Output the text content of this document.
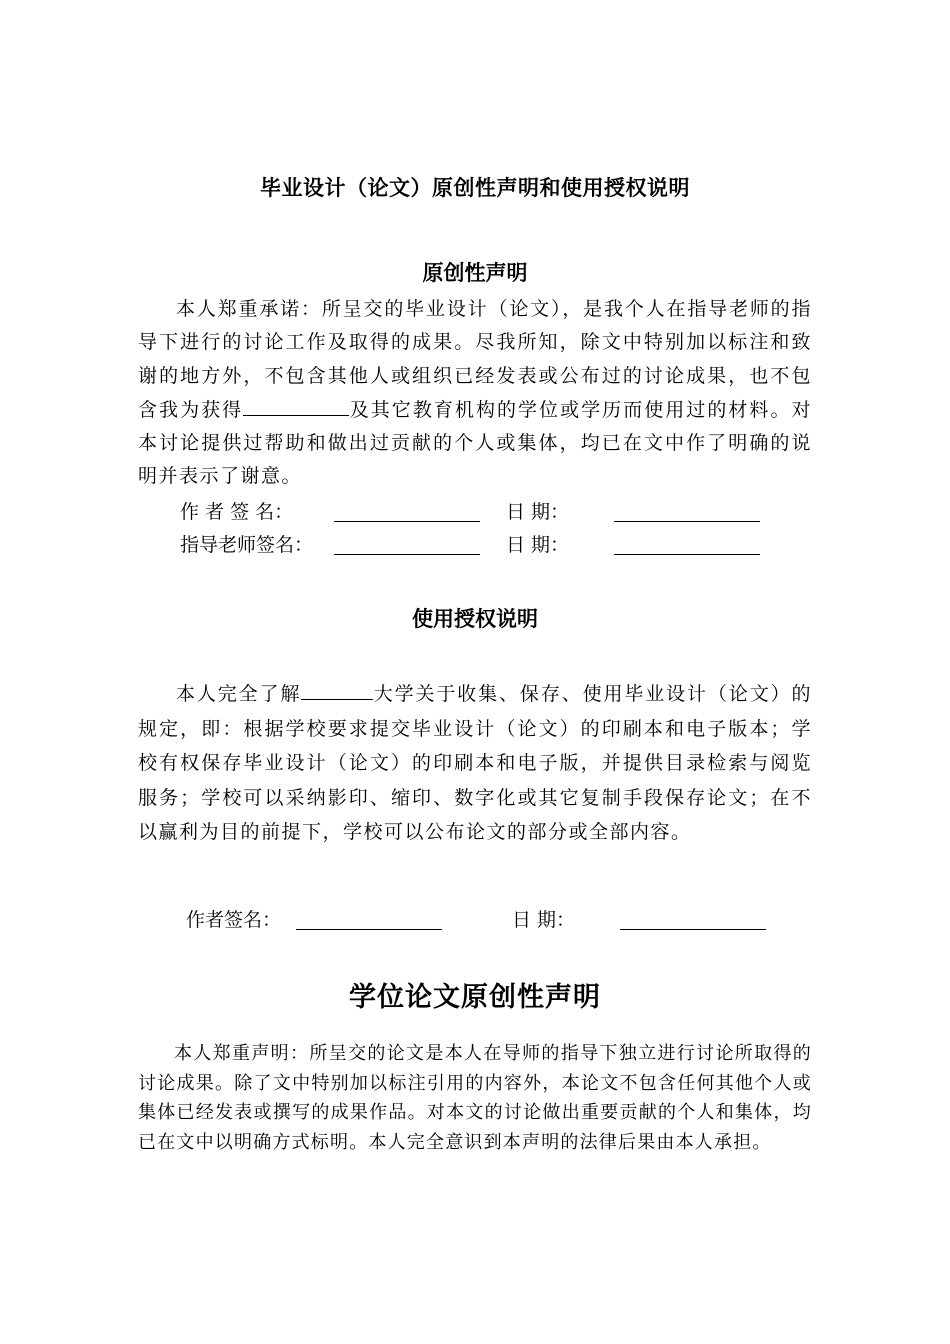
毕业设计（论文）原创性声明和使用授权说明
原创性声明
本人郑重承诺：所呈交的毕业设计（论文），是我个人在指导老师的指导下进行的讨论工作及取得的成果。尽我所知，除文中特别加以标注和致谢的地方外，不包含其他人或组织已经发表或公布过的讨论成果，也不包含我为获得	及其它教育机构的学位或学历而使用过的材料。对本讨论提供过帮助和做出过贡献的个人或集体，均已在文中作了明确的说明并表示了谢意。
作 者 签 名：	日 期：
指导老师签名：	日 期：
使用授权说明
本人完全了解	大学关于收集、保存、使用毕业设计（论文）的规定，即：根据学校要求提交毕业设计（论文）的印刷本和电子版本；学校有权保存毕业设计（论文）的印刷本和电子版，并提供目录检索与阅览服务；学校可以采纳影印、缩印、数字化或其它复制手段保存论文；在不以赢利为目的前提下，学校可以公布论文的部分或全部内容。
作者签名：	日 期：
学位论文原创性声明
本人郑重声明：所呈交的论文是本人在导师的指导下独立进行讨论所取得的讨论成果。除了文中特别加以标注引用的内容外，本论文不包含任何其他个人或集体已经发表或撰写的成果作品。对本文的讨论做出重要贡献的个人和集体，均已在文中以明确方式标明。本人完全意识到本声明的法律后果由本人承担。
